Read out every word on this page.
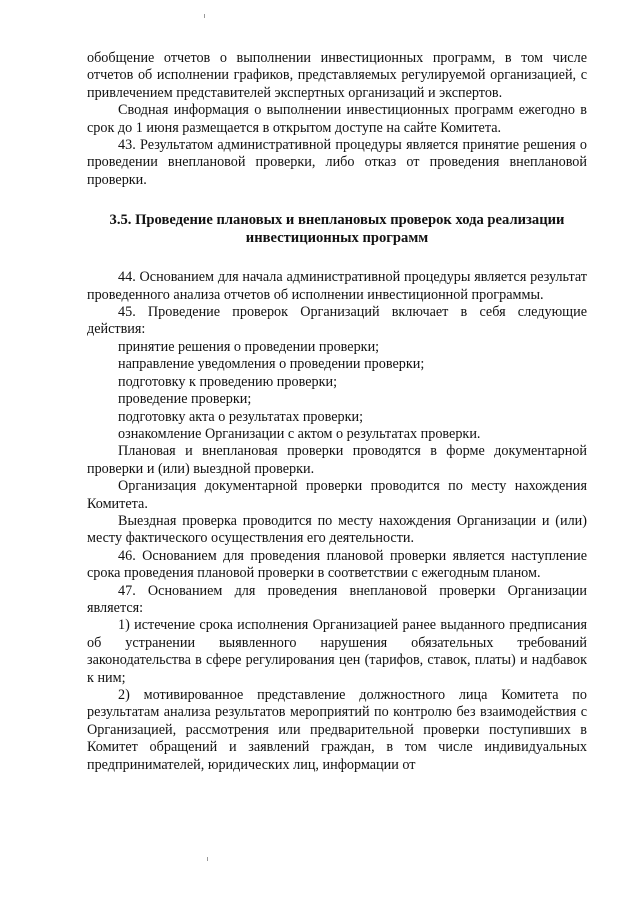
обобщение отчетов о выполнении инвестиционных программ, в том числе отчетов об исполнении графиков, представляемых регулируемой организацией, с привлечением представителей экспертных организаций и экспертов.

Сводная информация о выполнении инвестиционных программ ежегодно в срок до 1 июня размещается в открытом доступе на сайте Комитета.

43. Результатом административной процедуры является принятие решения о проведении внеплановой проверки, либо отказ от проведения внеплановой проверки.

3.5. Проведение плановых и внеплановых проверок хода реализации инвестиционных программ

44. Основанием для начала административной процедуры является результат проведенного анализа отчетов об исполнении инвестиционной программы.

45. Проведение проверок Организаций включает в себя следующие действия:

принятие решения о проведении проверки;

направление уведомления о проведении проверки;

подготовку к проведению проверки;

проведение проверки;

подготовку акта о результатах проверки;

ознакомление Организации с актом о результатах проверки.

Плановая и внеплановая проверки проводятся в форме документарной проверки и (или) выездной проверки.

Организация документарной проверки проводится по месту нахождения Комитета.

Выездная проверка проводится по месту нахождения Организации и (или) месту фактического осуществления его деятельности.

46. Основанием для проведения плановой проверки является наступление срока проведения плановой проверки в соответствии с ежегодным планом.

47. Основанием для проведения внеплановой проверки Организации является:

1) истечение срока исполнения Организацией ранее выданного предписания об устранении выявленного нарушения обязательных требований законодательства в сфере регулирования цен (тарифов, ставок, платы) и надбавок к ним;

2) мотивированное представление должностного лица Комитета по результатам анализа результатов мероприятий по контролю без взаимодействия с Организацией, рассмотрения или предварительной проверки поступивших в Комитет обращений и заявлений граждан, в том числе индивидуальных предпринимателей, юридических лиц, информации от
